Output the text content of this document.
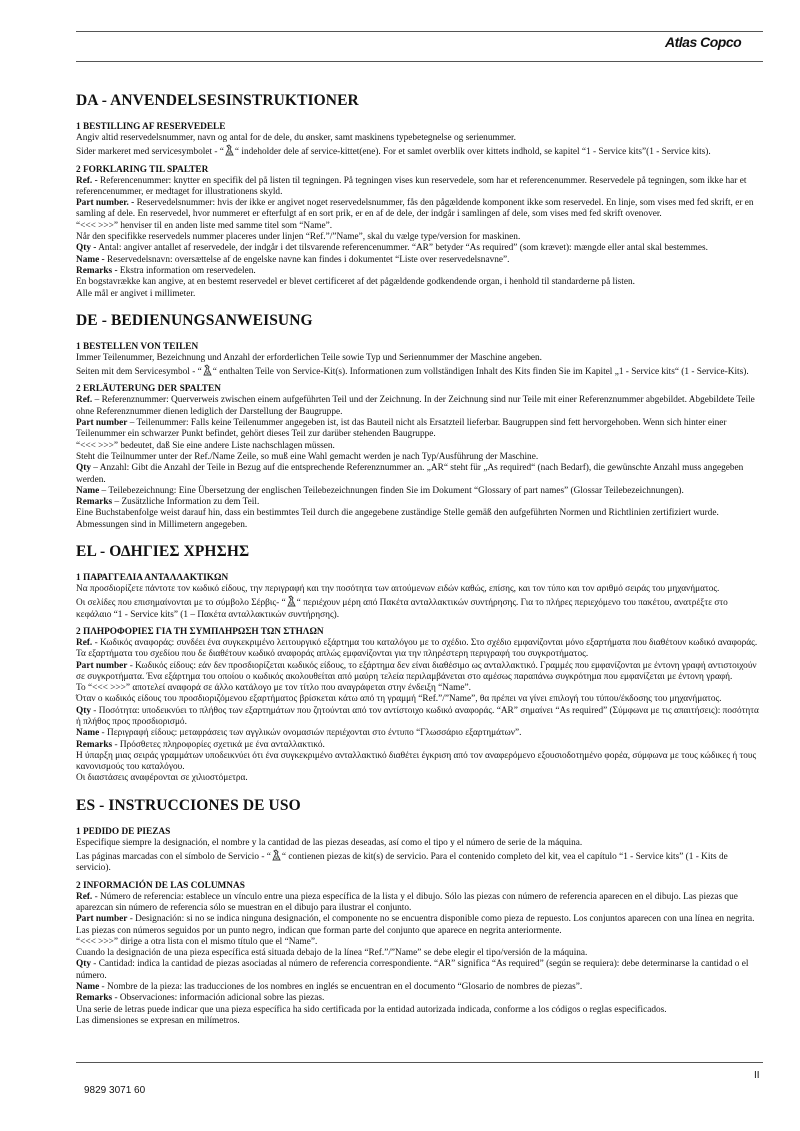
Atlas Copco
DA - ANVENDELSESINSTRUKTIONER
1 BESTILLING AF RESERVEDELE

Angiv altid reservedelsnummer, navn og antal for de dele, du ønsker, samt maskinens typebetegnelse og serienummer.

Sider markeret med servicesymbolet - “ “ indeholder dele af service-kittet(ene). For et samlet overblik over kittets indhold, se kapitel “1 - Service kits”(1 - Service kits).

2 FORKLARING TIL SPALTER

Ref. - Referencenummer: knytter en specifik del på listen til tegningen. På tegningen vises kun reservedele, som har et referencenummer. Reservedele på tegningen, som ikke har et referencenummer, er medtaget for illustrationens skyld.

Part number. - Reservedelsnummer: hvis der ikke er angivet noget reservedelsnummer, fås den pågældende komponent ikke som reservedel. En linje, som vises med fed skrift, er en samling af dele. En reservedel, hvor nummeret er efterfulgt af en sort prik, er en af de dele, der indgår i samlingen af dele, som vises med fed skrift ovenover.

“<<< >>>” henviser til en anden liste med samme titel som “Name”.

Når den specifikke reservedels nummer placeres under linjen “Ref.”/”Name”, skal du vælge type/version for maskinen.

Qty - Antal: angiver antallet af reservedele, der indgår i det tilsvarende referencenummer. “AR” betyder “As required” (som krævet): mængde eller antal skal bestemmes.

Name - Reservedelsnavn: oversættelse af de engelske navne kan findes i dokumentet “Liste over reservedelsnavne”.

Remarks - Ekstra information om reservedelen.

En bogstavrække kan angive, at en bestemt reservedel er blevet certificeret af det pågældende godkendende organ, i henhold til standarderne på listen.

Alle mål er angivet i millimeter.

DE - BEDIENUNGSANWEISUNG
1 BESTELLEN VON TEILEN

Immer Teilenummer, Bezeichnung und Anzahl der erforderlichen Teile sowie Typ und Seriennummer der Maschine angeben.

Seiten mit dem Servicesymbol - “ “ enthalten Teile von Service-Kit(s). Informationen zum vollständigen Inhalt des Kits finden Sie im Kapitel „1 - Service kits“ (1 - Service-Kits).

2 ERLÄUTERUNG DER SPALTEN

Ref. – Referenznummer: Querverweis zwischen einem aufgeführten Teil und der Zeichnung. In der Zeichnung sind nur Teile mit einer Referenznummer abgebildet. Abgebildete Teile ohne Referenznummer dienen lediglich der Darstellung der Baugruppe.

Part number – Teilenummer: Falls keine Teilenummer angegeben ist, ist das Bauteil nicht als Ersatzteil lieferbar. Baugruppen sind fett hervorgehoben. Wenn sich hinter einer Teilenummer ein schwarzer Punkt befindet, gehört dieses Teil zur darüber stehenden Baugruppe.

“<<< >>>” bedeutet, daß Sie eine andere Liste nachschlagen müssen.

Steht die Teilnummer unter der Ref./Name Zeile, so muß eine Wahl gemacht werden je nach Typ/Ausführung der Maschine.

Qty – Anzahl: Gibt die Anzahl der Teile in Bezug auf die entsprechende Referenznummer an. „AR“ steht für „As required“ (nach Bedarf), die gewünschte Anzahl muss angegeben werden.

Name – Teilebezeichnung: Eine Übersetzung der englischen Teilebezeichnungen finden Sie im Dokument “Glossary of part names” (Glossar Teilebezeichnungen).

Remarks – Zusätzliche Information zu dem Teil.

Eine Buchstabenfolge weist darauf hin, dass ein bestimmtes Teil durch die angegebene zuständige Stelle gemäß den aufgeführten Normen und Richtlinien zertifiziert wurde.

Abmessungen sind in Millimetern angegeben.

EL - ΟΔΗΓΙΕΣ ΧΡΗΣΗΣ
1 ΠΑΡΑΓΓΕΛΙΑ ΑΝΤΑΛΛΑΚΤΙΚΩΝ

Να προσδιορίζετε πάντοτε τον κωδικό είδους, την περιγραφή και την ποσότητα των αιτούμενων ειδών καθώς, επίσης, και τον τύπο και τον αριθμό σειράς του μηχανήματος.

Οι σελίδες που επισημαίνονται με το σύμβολο Σέρβις- “ “ περιέχουν μέρη από Πακέτα ανταλλακτικών συντήρησης. Για το πλήρες περιεχόμενο του πακέτου, ανατρέξτε στο κεφάλαιο “1 - Service kits” (1 – Πακέτα ανταλλακτικών συντήρησης).

2 ΠΛΗΡΟΦΟΡΙΕΣ ΓΙΑ ΤΗ ΣΥΜΠΛΗΡΩΣΗ ΤΩΝ ΣΤΗΛΩΝ

Ref. - Κωδικός αναφοράς: συνδέει ένα συγκεκριμένο λειτουργικό εξάρτημα του καταλόγου με το σχέδιο. Στο σχέδιο εμφανίζονται μόνο εξαρτήματα που διαθέτουν κωδικό αναφοράς. Τα εξαρτήματα του σχεδίου που δε διαθέτουν κωδικό αναφοράς απλώς εμφανίζονται για την πληρέστερη περιγραφή του συγκροτήματος.

Part number - Κωδικός είδους: εάν δεν προσδιορίζεται κωδικός είδους, το εξάρτημα δεν είναι διαθέσιμο ως ανταλλακτικό. Γραμμές που εμφανίζονται με έντονη γραφή αντιστοιχούν σε συγκροτήματα. Ένα εξάρτημα του οποίου ο κωδικός ακολουθείται από μαύρη τελεία περιλαμβάνεται στο αμέσως παραπάνω συγκρότημα που εμφανίζεται με έντονη γραφή.

Το “<<< >>>” αποτελεί αναφορά σε άλλο κατάλογο με τον τίτλο που αναγράφεται στην ένδειξη “Name”.

Όταν ο κωδικός είδους του προσδιοριζόμενου εξαρτήματος βρίσκεται κάτω από τη γραμμή “Ref.”/”Name”, θα πρέπει να γίνει επιλογή του τύπου/έκδοσης του μηχανήματος.

Qty - Ποσότητα: υποδεικνύει το πλήθος των εξαρτημάτων που ζητούνται από τον αντίστοιχο κωδικό αναφοράς. “AR” σημαίνει “As required” (Σύμφωνα με τις απαιτήσεις): ποσότητα ή πλήθος προς προσδιορισμό.

Name - Περιγραφή είδους: μεταφράσεις των αγγλικών ονομασιών περιέχονται στο έντυπο “Γλωσσάριο εξαρτημάτων”.

Remarks - Πρόσθετες πληροφορίες σχετικά με ένα ανταλλακτικό.

Η ύπαρξη μιας σειράς γραμμάτων υποδεικνύει ότι ένα συγκεκριμένο ανταλλακτικό διαθέτει έγκριση από τον αναφερόμενο εξουσιοδοτημένο φορέα, σύμφωνα με τους κώδικες ή τους κανονισμούς του καταλόγου.

Οι διαστάσεις αναφέρονται σε χιλιοστόμετρα.

ES - INSTRUCCIONES DE USO
1 PEDIDO DE PIEZAS

Especifique siempre la designación, el nombre y la cantidad de las piezas deseadas, así como el tipo y el número de serie de la máquina.

Las páginas marcadas con el símbolo de Servicio - “ “ contienen piezas de kit(s) de servicio. Para el contenido completo del kit, vea el capítulo “1 - Service kits” (1 - Kits de servicio).

2 INFORMACIÓN DE LAS COLUMNAS

Ref. - Número de referencia: establece un vínculo entre una pieza específica de la lista y el dibujo. Sólo las piezas con número de referencia aparecen en el dibujo. Las piezas que aparezcan sin número de referencia sólo se muestran en el dibujo para ilustrar el conjunto.

Part number - Designación: si no se indica ninguna designación, el componente no se encuentra disponible como pieza de repuesto. Los conjuntos aparecen con una línea en negrita. Las piezas con números seguidos por un punto negro, indican que forman parte del conjunto que aparece en negrita anteriormente.

“<<< >>>” dirige a otra lista con el mismo título que el “Name”.

Cuando la designación de una pieza específica está situada debajo de la línea “Ref.”/”Name” se debe elegir el tipo/versión de la máquina.

Qty - Cantidad: indica la cantidad de piezas asociadas al número de referencia correspondiente. “AR” significa “As required” (según se requiera): debe determinarse la cantidad o el número.

Name - Nombre de la pieza: las traducciones de los nombres en inglés se encuentran en el documento “Glosario de nombres de piezas”.

Remarks - Observaciones: información adicional sobre las piezas.

Una serie de letras puede indicar que una pieza específica ha sido certificada por la entidad autorizada indicada, conforme a los códigos o reglas especificados.

Las dimensiones se expresan en milímetros.

II
9829 3071 60
